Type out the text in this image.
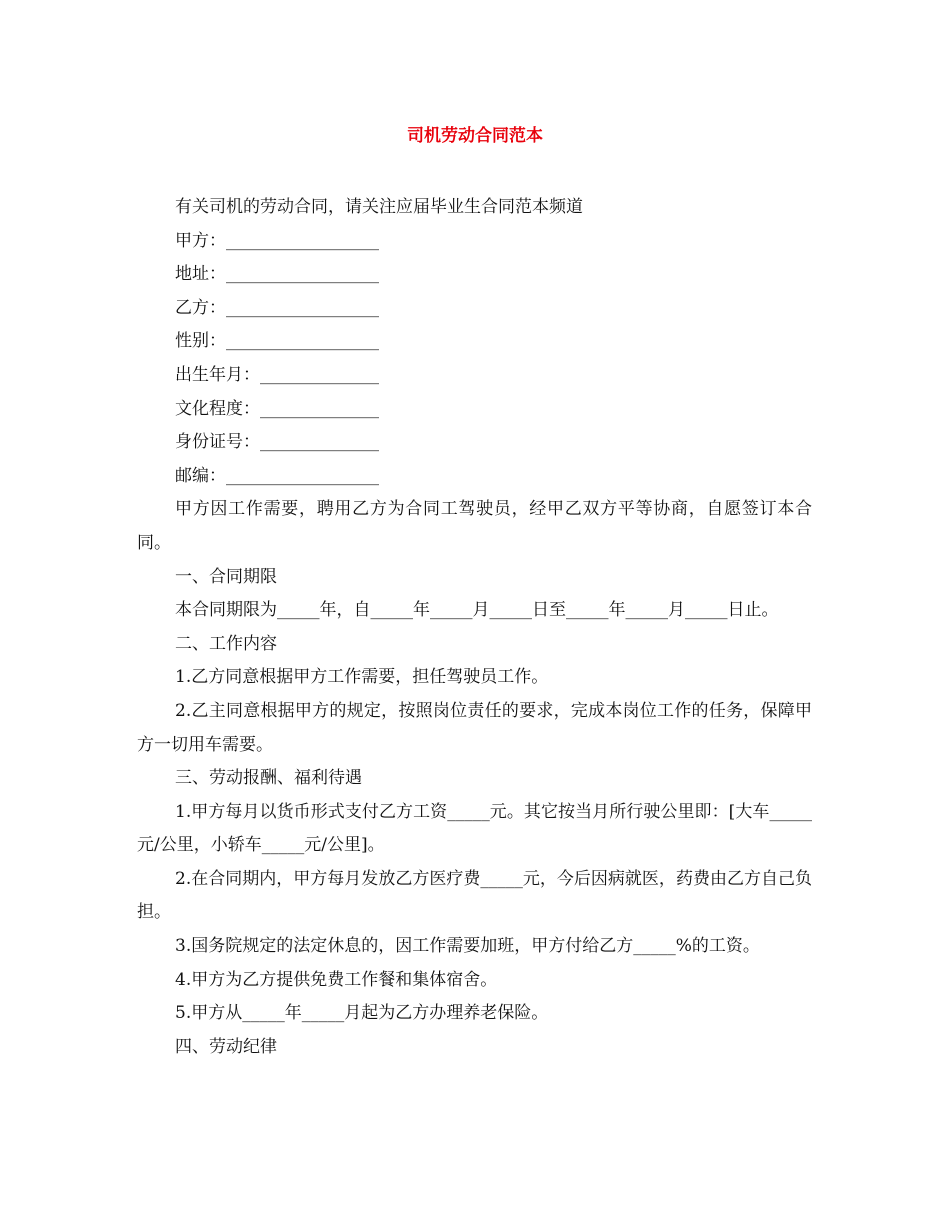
司机劳动合同范本
有关司机的劳动合同，请关注应届毕业生合同范本频道
甲方：__________________
地址：__________________
乙方：__________________
性别：__________________
出生年月：______________
文化程度：______________
身份证号：______________
邮编：__________________
甲方因工作需要，聘用乙方为合同工驾驶员，经甲乙双方平等协商，自愿签订本合同。
一、合同期限
本合同期限为_____年，自_____年_____月_____日至_____年_____月_____日止。
二、工作内容
1.乙方同意根据甲方工作需要，担任驾驶员工作。
2.乙主同意根据甲方的规定，按照岗位责任的要求，完成本岗位工作的任务，保障甲方一切用车需要。
三、劳动报酬、福利待遇
1.甲方每月以货币形式支付乙方工资_____元。其它按当月所行驶公里即：[大车_____元/公里，小轿车_____元/公里]。
2.在合同期内，甲方每月发放乙方医疗费_____元，今后因病就医，药费由乙方自己负担。
3.国务院规定的法定休息的，因工作需要加班，甲方付给乙方_____%的工资。
4.甲方为乙方提供免费工作餐和集体宿舍。
5.甲方从_____年_____月起为乙方办理养老保险。
四、劳动纪律
